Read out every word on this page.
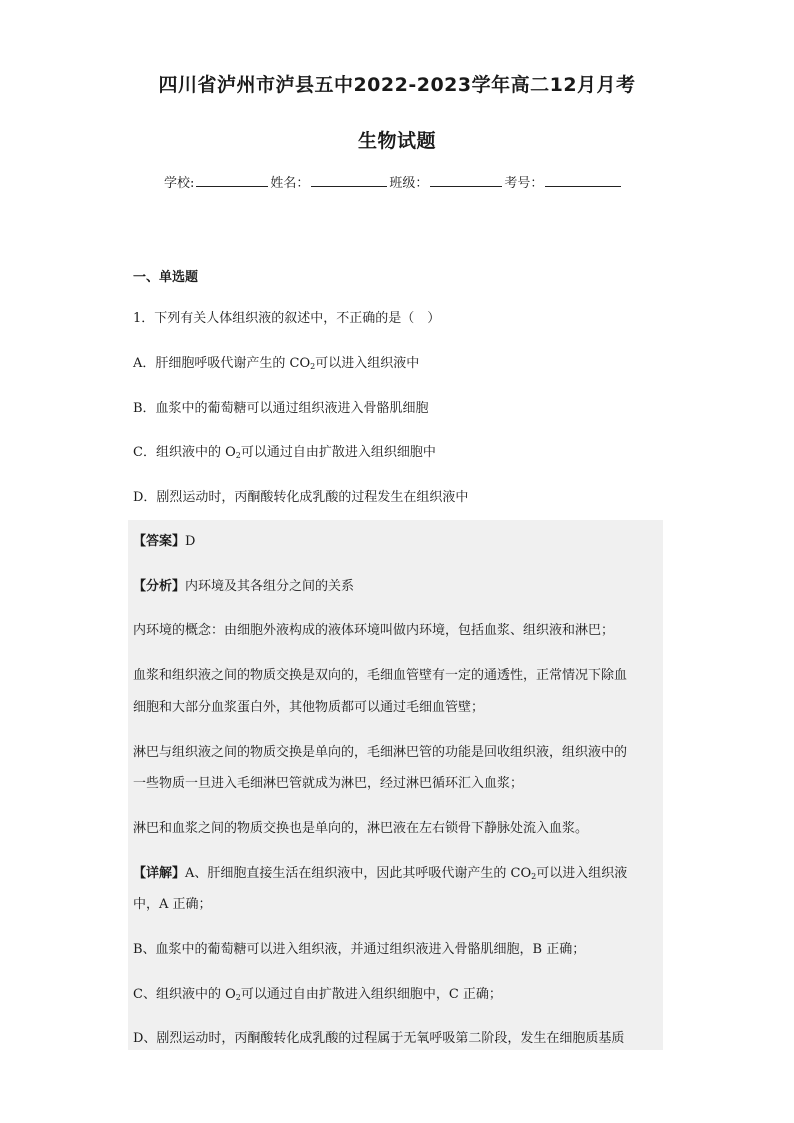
四川省泸州市泸县五中2022-2023学年高二12月月考
生物试题
学校:	姓名：	班级：	考号：
一、单选题
1．下列有关人体组织液的叙述中，不正确的是（　）
A．肝细胞呼吸代谢产生的 $CO_2$可以进入组织液中
B．血浆中的葡萄糖可以通过组织液进入骨骼肌细胞
C．组织液中的 $O_2$可以通过自由扩散进入组织细胞中
D．剧烈运动时，丙酮酸转化成乳酸的过程发生在组织液中
【答案】D
【分析】内环境及其各组分之间的关系
内环境的概念：由细胞外液构成的液体环境叫做内环境，包括血浆、组织液和淋巴；
血浆和组织液之间的物质交换是双向的，毛细血管壁有一定的通透性，正常情况下除血
细胞和大部分血浆蛋白外，其他物质都可以通过毛细血管壁；
淋巴与组织液之间的物质交换是单向的，毛细淋巴管的功能是回收组织液，组织液中的
一些物质一旦进入毛细淋巴管就成为淋巴，经过淋巴循环汇入血浆；
淋巴和血浆之间的物质交换也是单向的，淋巴液在左右锁骨下静脉处流入血浆。
【详解】A、肝细胞直接生活在组织液中，因此其呼吸代谢产生的 $CO_2$可以进入组织液
中，A 正确；
B、血浆中的葡萄糖可以进入组织液，并通过组织液进入骨骼肌细胞，B 正确；
C、组织液中的 $O_2$可以通过自由扩散进入组织细胞中，C 正确；
D、剧烈运动时，丙酮酸转化成乳酸的过程属于无氧呼吸第二阶段，发生在细胞质基质
